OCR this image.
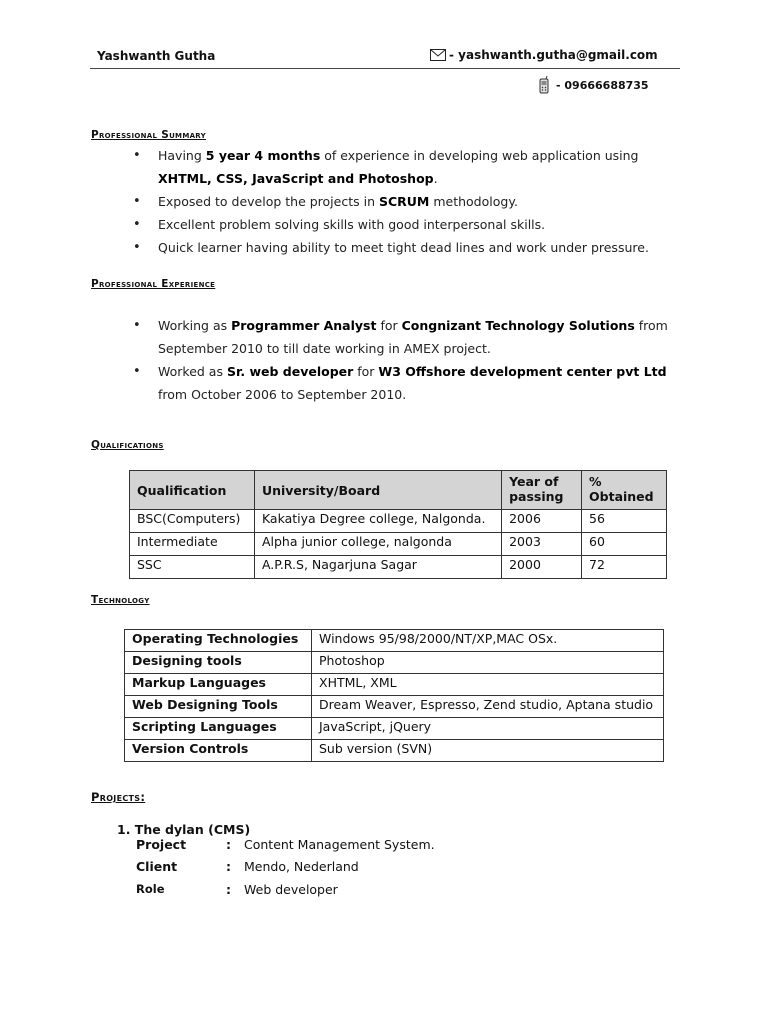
Yashwanth Gutha	- yashwanth.gutha@gmail.com
- 09666688735
Professional Summary
• Having 5 year 4 months of experience in developing web application using XHTML, CSS, JavaScript and Photoshop.
• Exposed to develop the projects in SCRUM methodology.
• Excellent problem solving skills with good interpersonal skills.
• Quick learner having ability to meet tight dead lines and work under pressure.
Professional Experience
• Working as Programmer Analyst for Congnizant Technology Solutions from September 2010 to till date working in AMEX project.
• Worked as Sr. web developer for W3 Offshore development center pvt Ltd from October 2006 to September 2010.
Qualifications
Qualification	University/Board	Year of passing	% Obtained
BSC(Computers)	Kakatiya Degree college, Nalgonda.	2006	56
Intermediate	Alpha junior college, nalgonda	2003	60
SSC	A.P.R.S, Nagarjuna Sagar	2000	72
Technology
Operating Technologies	Windows 95/98/2000/NT/XP,MAC OSx.
Designing tools	Photoshop
Markup Languages	XHTML, XML
Web Designing Tools	Dream Weaver, Espresso, Zend studio, Aptana studio
Scripting Languages	JavaScript, jQuery
Version Controls	Sub version (SVN)
Projects:
1. The dylan (CMS)
Project	:	Content Management System.
Client	:	Mendo, Nederland
Role	:	Web developer
